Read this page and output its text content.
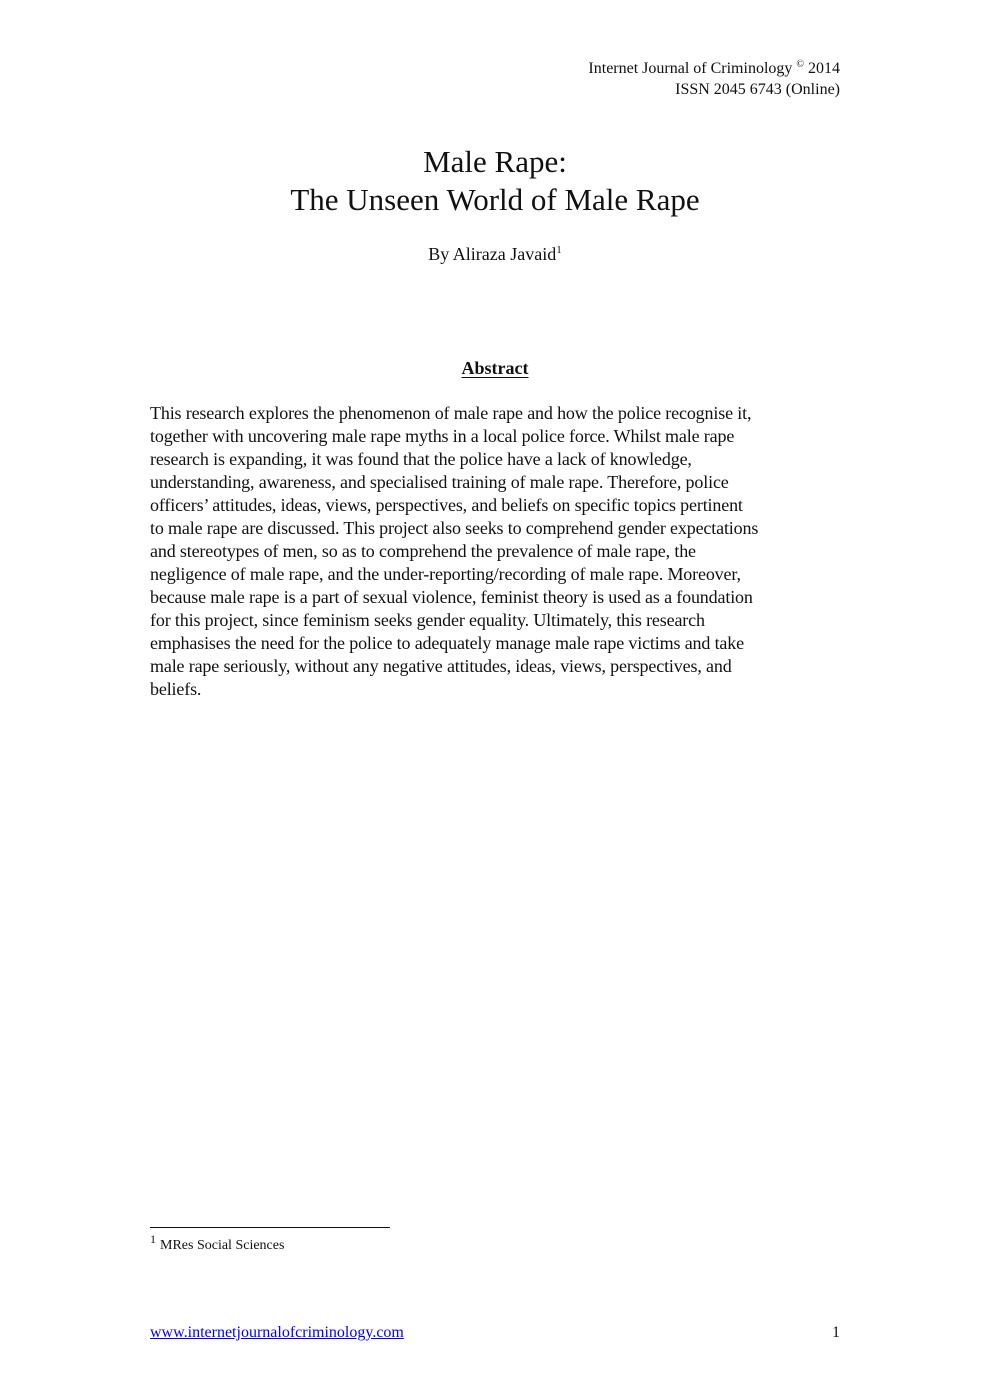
Internet Journal of Criminology © 2014
ISSN 2045 6743 (Online)
Male Rape:
The Unseen World of Male Rape
By Aliraza Javaid$^1$
Abstract
This research explores the phenomenon of male rape and how the police recognise it,
together with uncovering male rape myths in a local police force. Whilst male rape
research is expanding, it was found that the police have a lack of knowledge,
understanding, awareness, and specialised training of male rape. Therefore, police
officers’ attitudes, ideas, views, perspectives, and beliefs on specific topics pertinent
to male rape are discussed. This project also seeks to comprehend gender expectations
and stereotypes of men, so as to comprehend the prevalence of male rape, the
negligence of male rape, and the under-reporting/recording of male rape. Moreover,
because male rape is a part of sexual violence, feminist theory is used as a foundation
for this project, since feminism seeks gender equality. Ultimately, this research
emphasises the need for the police to adequately manage male rape victims and take
male rape seriously, without any negative attitudes, ideas, views, perspectives, and
beliefs.
1 MRes Social Sciences
www.internetjournalofcriminology.com	1
